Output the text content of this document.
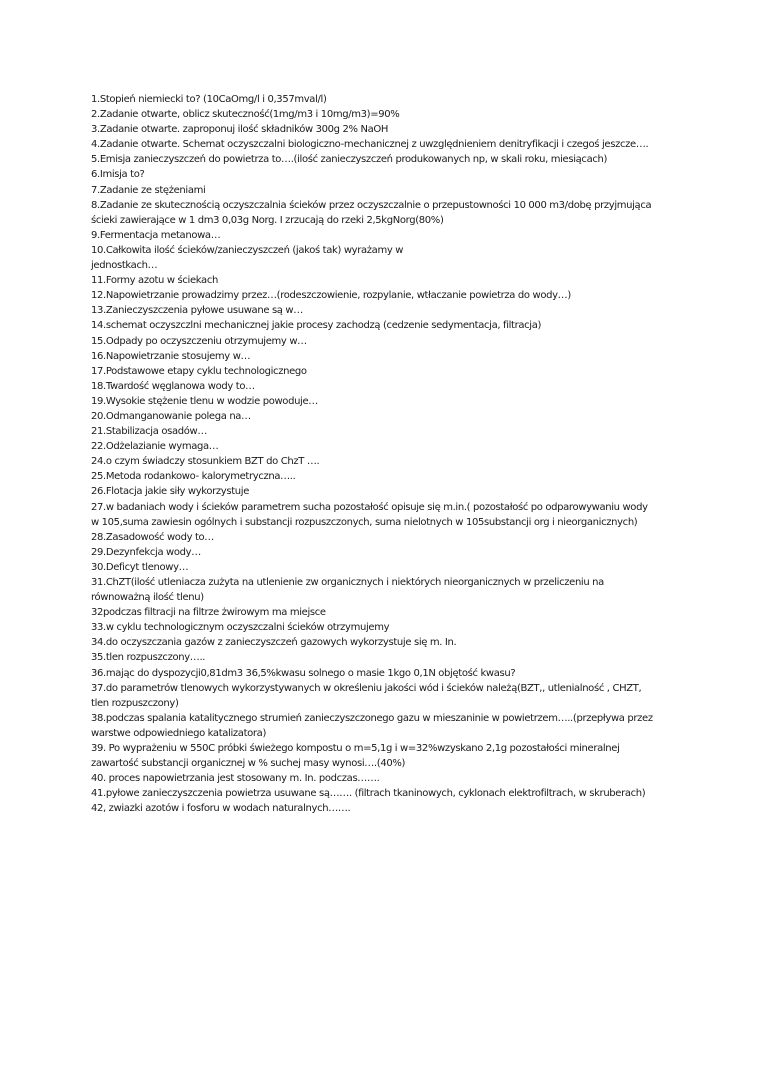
1.Stopień niemiecki to? (10CaOmg/l i 0,357mval/l)
2.Zadanie otwarte, oblicz skuteczność(1mg/m3 i 10mg/m3)=90%
3.Zadanie otwarte. zaproponuj ilość składników 300g 2% NaOH
4.Zadanie otwarte. Schemat oczyszczalni biologiczno-mechanicznej z uwzględnieniem denitryfikacji i czegoś jeszcze….
5.Emisja zanieczyszczeń do powietrza to….(ilość zanieczyszczeń produkowanych np, w skali roku, miesiącach)
6.Imisja to?
7.Zadanie ze stężeniami
8.Zadanie ze skutecznością oczyszczalnia ścieków przez oczyszczalnie o przepustowności 10 000 m3/dobę przyjmująca
ścieki zawierające w 1 dm3 0,03g Norg. I zrzucają do rzeki 2,5kgNorg(80%)
9.Fermentacja metanowa…
10.Całkowita ilość ścieków/zanieczyszczeń (jakoś tak) wyrażamy w
jednostkach…
11.Formy azotu w ściekach
12.Napowietrzanie prowadzimy przez…(rodeszczowienie, rozpylanie, wtłaczanie powietrza do wody…)
13.Zanieczyszczenia pyłowe usuwane są w…
14.schemat oczyszczlni mechanicznej jakie procesy zachodzą (cedzenie sedymentacja, filtracja)
15.Odpady po oczyszczeniu otrzymujemy w…
16.Napowietrzanie stosujemy w…
17.Podstawowe etapy cyklu technologicznego
18.Twardość węglanowa wody to…
19.Wysokie stężenie tlenu w wodzie powoduje…
20.Odmanganowanie polega na…
21.Stabilizacja osadów…
22.Odżelazianie wymaga…
24.o czym świadczy stosunkiem BZT do ChzT ….
25.Metoda rodankowo- kalorymetryczna…..
26.Flotacja jakie siły wykorzystuje
27.w badaniach wody i ścieków parametrem sucha pozostałość opisuje się m.in.( pozostałość po odparowywaniu wody
w 105,suma zawiesin ogólnych i substancji rozpuszczonych, suma nielotnych w 105substancji org i nieorganicznych)
28.Zasadowość wody to…
29.Dezynfekcja wody…
30.Deficyt tlenowy…
31.ChZT(ilość utleniacza zużyta na utlenienie zw organicznych i niektórych nieorganicznych w przeliczeniu na
równoważną ilość tlenu)
32podczas filtracji na filtrze żwirowym ma miejsce
33.w cyklu technologicznym oczyszczalni ścieków otrzymujemy
34.do oczyszczania gazów z zanieczyszczeń gazowych wykorzystuje się m. In.
35.tlen rozpuszczony…..
36.mając do dyspozycji0,81dm3 36,5%kwasu solnego o masie 1kgo 0,1N objętość kwasu?
37.do parametrów tlenowych wykorzystywanych w określeniu jakości wód i ścieków należą(BZT,, utlenialność , CHZT,
tlen rozpuszczony)
38.podczas spalania katalitycznego strumień zanieczyszczonego gazu w mieszaninie w powietrzem…..(przepływa przez
warstwe odpowiedniego katalizatora)
39. Po wyprażeniu w 550C próbki świeżego kompostu o m=5,1g i w=32%wzyskano 2,1g pozostałości mineralnej
zawartość substancji organicznej w % suchej masy wynosi….(40%)
40. proces napowietrzania jest stosowany m. In. podczas…….
41.pyłowe zanieczyszczenia powietrza usuwane są……. (filtrach tkaninowych, cyklonach elektrofiltrach, w skruberach)
42, zwiazki azotów i fosforu w wodach naturalnych…….
